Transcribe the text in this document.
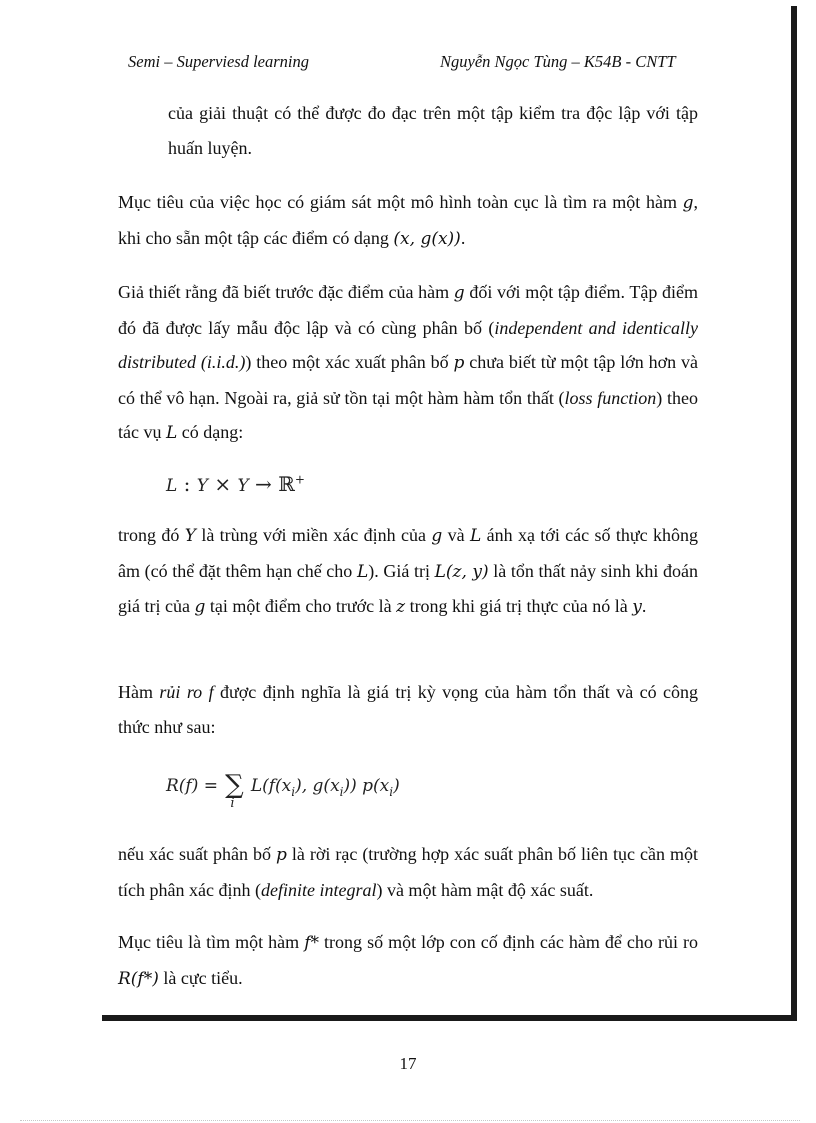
Semi – Superviesd learning	Nguyễn Ngọc Tùng – K54B - CNTT

của giải thuật có thể được đo đạc trên một tập kiểm tra độc lập với tập huấn luyện.

Mục tiêu của việc học có giám sát một mô hình toàn cục là tìm ra một hàm g, khi cho sẵn một tập các điểm có dạng (x, g(x)).

Giả thiết rằng đã biết trước đặc điểm của hàm g đối với một tập điểm. Tập điểm đó đã được lấy mẫu độc lập và có cùng phân bố (independent and identically distributed (i.i.d.)) theo một xác xuất phân bố p chưa biết từ một tập lớn hơn và có thể vô hạn. Ngoài ra, giả sử tồn tại một hàm hàm tổn thất (loss function) theo tác vụ L có dạng:

L : Y × Y → ℝ+

trong đó Y là trùng với miền xác định của g và L ánh xạ tới các số thực không âm (có thể đặt thêm hạn chế cho L). Giá trị L(z, y) là tổn thất nảy sinh khi đoán giá trị của g tại một điểm cho trước là z trong khi giá trị thực của nó là y.

Hàm rủi ro f được định nghĩa là giá trị kỳ vọng của hàm tổn thất và có công thức như sau:

R(f) = ∑
i
$L(f(x_i)$, $g(x_i)$) $p(x_i)$

nếu xác suất phân bố p là rời rạc (trường hợp xác suất phân bố liên tục cần một tích phân xác định (definite integral) và một hàm mật độ xác suất.

Mục tiêu là tìm một hàm f* trong số một lớp con cố định các hàm để cho rủi ro R(f*) là cực tiểu.

17
